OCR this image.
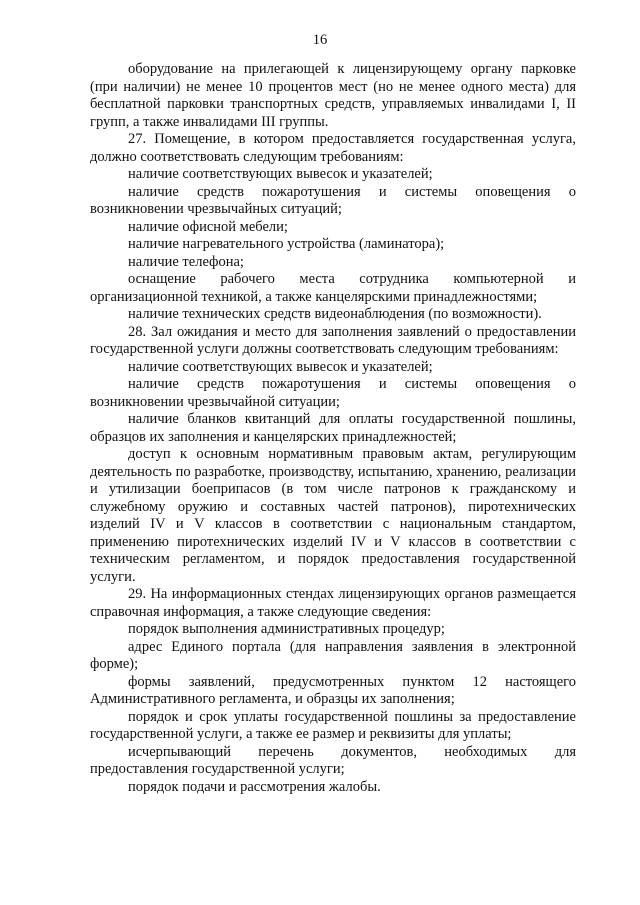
16

оборудование на прилегающей к лицензирующему органу парковке (при наличии) не менее 10 процентов мест (но не менее одного места) для бесплатной парковки транспортных средств, управляемых инвалидами I, II групп, а также инвалидами III группы.

27. Помещение, в котором предоставляется государственная услуга, должно соответствовать следующим требованиям:

наличие соответствующих вывесок и указателей;

наличие средств пожаротушения и системы оповещения о возникновении чрезвычайных ситуаций;

наличие офисной мебели;

наличие нагревательного устройства (ламинатора);

наличие телефона;

оснащение рабочего места сотрудника компьютерной и организационной техникой, а также канцелярскими принадлежностями;

наличие технических средств видеонаблюдения (по возможности).

28. Зал ожидания и место для заполнения заявлений о предоставлении государственной услуги должны соответствовать следующим требованиям:

наличие соответствующих вывесок и указателей;

наличие средств пожаротушения и системы оповещения о возникновении чрезвычайной ситуации;

наличие бланков квитанций для оплаты государственной пошлины, образцов их заполнения и канцелярских принадлежностей;

доступ к основным нормативным правовым актам, регулирующим деятельность по разработке, производству, испытанию, хранению, реализации и утилизации боеприпасов (в том числе патронов к гражданскому и служебному оружию и составных частей патронов), пиротехнических изделий IV и V классов в соответствии с национальным стандартом, применению пиротехнических изделий IV и V классов в соответствии с техническим регламентом, и порядок предоставления государственной услуги.

29. На информационных стендах лицензирующих органов размещается справочная информация, а также следующие сведения:

порядок выполнения административных процедур;

адрес Единого портала (для направления заявления в электронной форме);

формы заявлений, предусмотренных пунктом 12 настоящего Административного регламента, и образцы их заполнения;

порядок и срок уплаты государственной пошлины за предоставление государственной услуги, а также ее размер и реквизиты для уплаты;

исчерпывающий перечень документов, необходимых для предоставления государственной услуги;

порядок подачи и рассмотрения жалобы.
